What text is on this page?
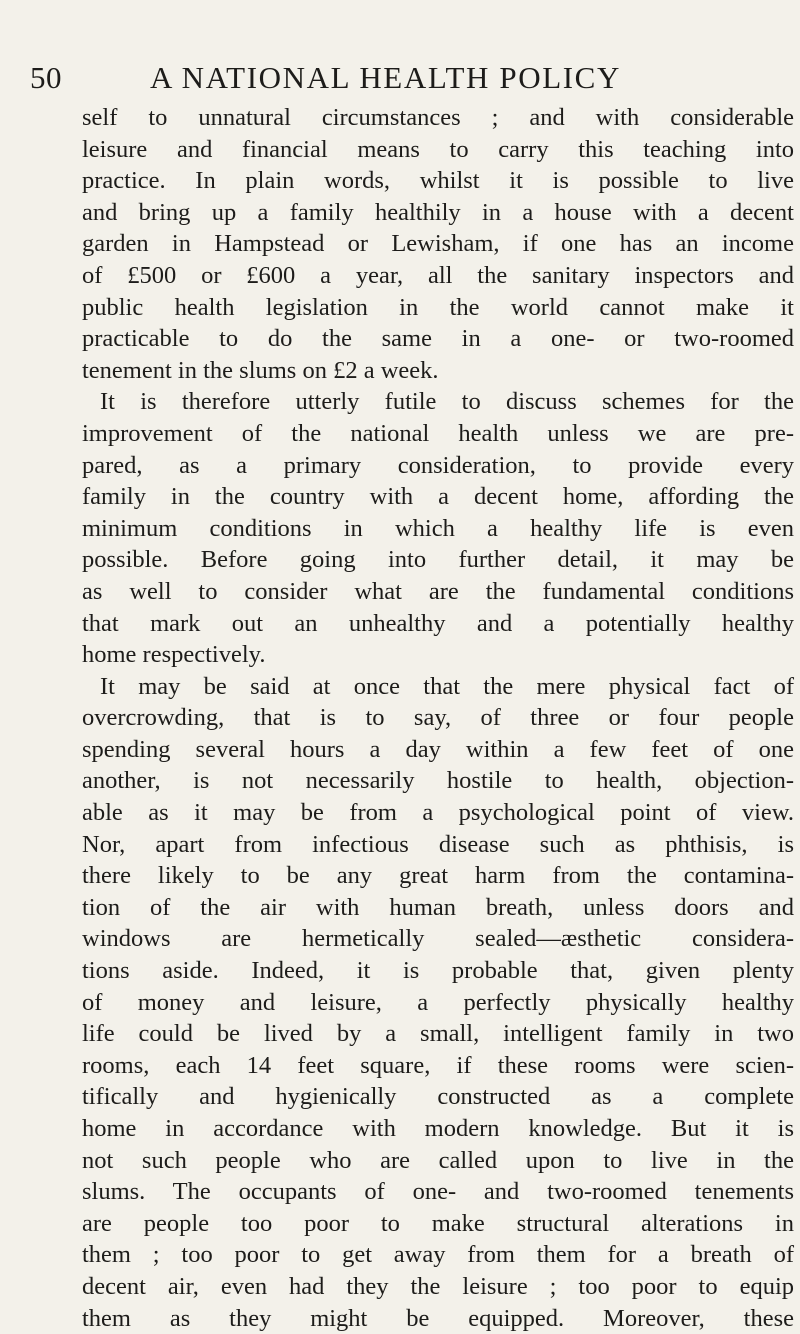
50	A NATIONAL HEALTH POLICY
self to unnatural circumstances ; and with considerable
leisure and financial means to carry this teaching into
practice. In plain words, whilst it is possible to live
and bring up a family healthily in a house with a decent
garden in Hampstead or Lewisham, if one has an income
of £500 or £600 a year, all the sanitary inspectors and
public health legislation in the world cannot make it
practicable to do the same in a one- or two-roomed
tenement in the slums on £2 a week.
It is therefore utterly futile to discuss schemes for the
improvement of the national health unless we are pre-
pared, as a primary consideration, to provide every
family in the country with a decent home, affording the
minimum conditions in which a healthy life is even
possible. Before going into further detail, it may be
as well to consider what are the fundamental conditions
that mark out an unhealthy and a potentially healthy
home respectively.
It may be said at once that the mere physical fact of
overcrowding, that is to say, of three or four people
spending several hours a day within a few feet of one
another, is not necessarily hostile to health, objection-
able as it may be from a psychological point of view.
Nor, apart from infectious disease such as phthisis, is
there likely to be any great harm from the contamina-
tion of the air with human breath, unless doors and
windows are hermetically sealed—æsthetic considera-
tions aside. Indeed, it is probable that, given plenty
of money and leisure, a perfectly physically healthy
life could be lived by a small, intelligent family in two
rooms, each 14 feet square, if these rooms were scien-
tifically and hygienically constructed as a complete
home in accordance with modern knowledge. But it is
not such people who are called upon to live in the
slums. The occupants of one- and two-roomed tenements
are people too poor to make structural alterations in
them ; too poor to get away from them for a breath of
decent air, even had they the leisure ; too poor to equip
them as they might be equipped. Moreover, these
